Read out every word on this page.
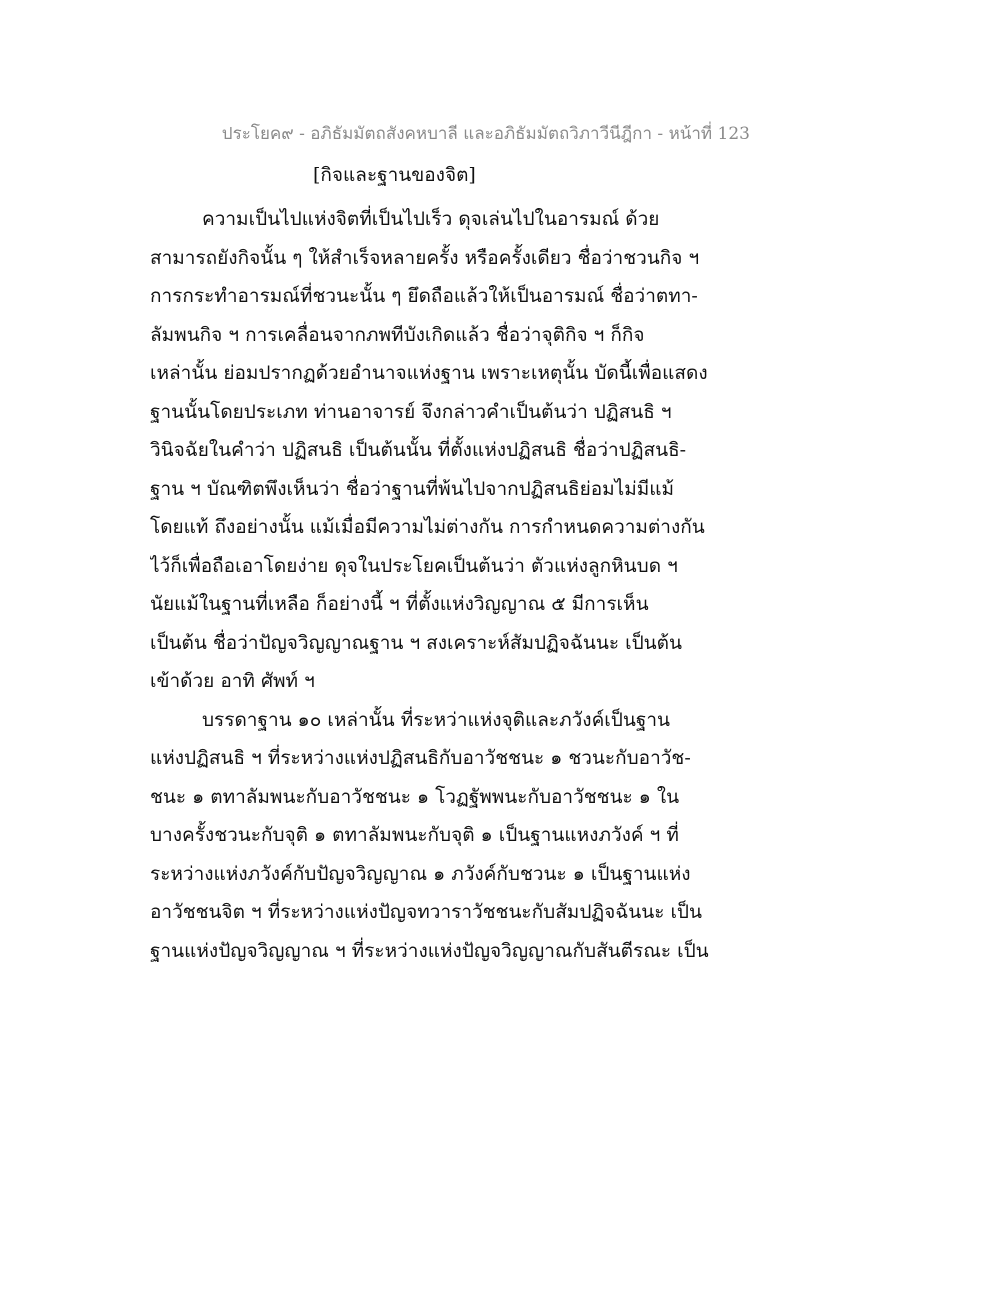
ประโยค๙ - อภิธัมมัตถสังคหบาลี และอภิธัมมัตถวิภาวีนีฎีกา - หน้าที่ 123
[กิจและฐานของจิต]
ความเป็นไปแห่งจิตที่เป็นไปเร็ว ดุจเล่นไปในอารมณ์ ด้วย
สามารถยังกิจนั้น ๆ ให้สำเร็จหลายครั้ง หรือครั้งเดียว ชื่อว่าชวนกิจ ฯ
การกระทำอารมณ์ที่ชวนะนั้น ๆ ยึดถือแล้วให้เป็นอารมณ์ ชื่อว่าตทา-
ลัมพนกิจ ฯ การเคลื่อนจากภพทีบังเกิดแล้ว ชื่อว่าจุติกิจ ฯ ก็กิจ
เหล่านั้น ย่อมปรากฏด้วยอำนาจแห่งฐาน เพราะเหตุนั้น บัดนี้เพื่อแสดง
ฐานนั้นโดยประเภท ท่านอาจารย์ จึงกล่าวคำเป็นต้นว่า ปฏิสนธิ ฯ
วินิจฉัยในคำว่า ปฏิสนธิ เป็นต้นนั้น ที่ตั้งแห่งปฏิสนธิ ชื่อว่าปฏิสนธิ-
ฐาน ฯ บัณฑิตพึงเห็นว่า ชื่อว่าฐานที่พ้นไปจากปฏิสนธิย่อมไม่มีแม้
โดยแท้ ถึงอย่างนั้น แม้เมื่อมีความไม่ต่างกัน การกำหนดความต่างกัน
ไว้ก็เพื่อถือเอาโดยง่าย ดุจในประโยคเป็นต้นว่า ตัวแห่งลูกหินบด ฯ
นัยแม้ในฐานที่เหลือ ก็อย่างนี้ ฯ ที่ตั้งแห่งวิญญาณ ๕ มีการเห็น
เป็นต้น ชื่อว่าปัญจวิญญาณฐาน ฯ สงเคราะห์สัมปฏิจฉันนะ เป็นต้น
เข้าด้วย อาทิ ศัพท์ ฯ
บรรดาฐาน ๑๐ เหล่านั้น ที่ระหว่าแห่งจุติและภวังค์เป็นฐาน
แห่งปฏิสนธิ ฯ ที่ระหว่างแห่งปฏิสนธิกับอาวัชชนะ ๑ ชวนะกับอาวัช-
ชนะ ๑ ตทาลัมพนะกับอาวัชชนะ ๑ โวฏฐัพพนะกับอาวัชชนะ ๑ ใน
บางครั้งชวนะกับจุติ ๑ ตทาลัมพนะกับจุติ ๑ เป็นฐานแหงภวังค์ ฯ ที่
ระหว่างแห่งภวังค์กับปัญจวิญญาณ ๑ ภวังค์กับชวนะ ๑ เป็นฐานแห่ง
อาวัชชนจิต ฯ ที่ระหว่างแห่งปัญจทวาราวัชชนะกับสัมปฏิจฉันนะ เป็น
ฐานแห่งปัญจวิญญาณ ฯ ที่ระหว่างแห่งปัญจวิญญาณกับสันตีรณะ เป็น
